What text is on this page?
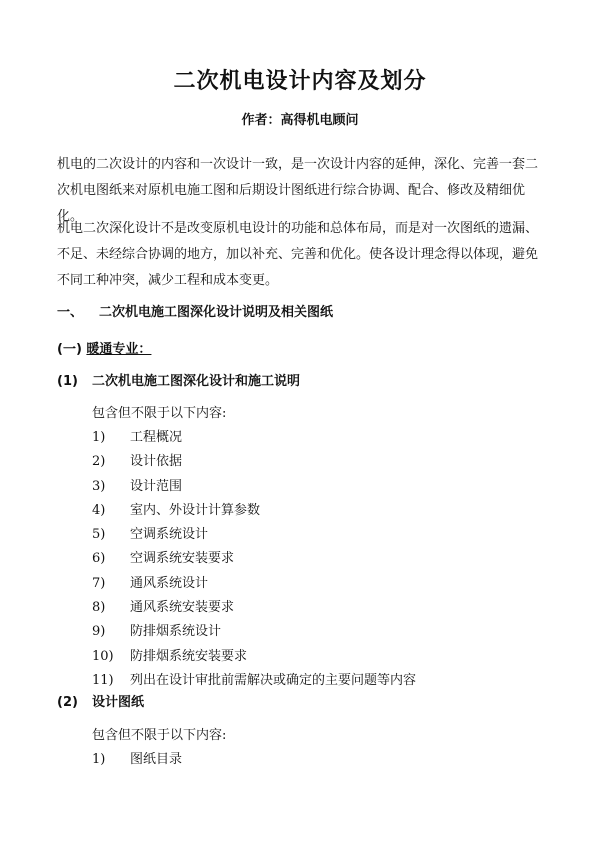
二次机电设计内容及划分
作者：高得机电顾问
机电的二次设计的内容和一次设计一致，是一次设计内容的延伸，深化、完善一套二次机电图纸来对原机电施工图和后期设计图纸进行综合协调、配合、修改及精细优化。
机电二次深化设计不是改变原机电设计的功能和总体布局，而是对一次图纸的遗漏、不足、未经综合协调的地方，加以补充、完善和优化。使各设计理念得以体现，避免不同工种冲突，减少工程和成本变更。
一、 二次机电施工图深化设计说明及相关图纸
(一) 暖通专业：
(1) 二次机电施工图深化设计和施工说明
包含但不限于以下内容:
1) 工程概况
2) 设计依据
3) 设计范围
4) 室内、外设计计算参数
5) 空调系统设计
6) 空调系统安装要求
7) 通风系统设计
8) 通风系统安装要求
9) 防排烟系统设计
10) 防排烟系统安装要求
11) 列出在设计审批前需解决或确定的主要问题等内容
(2) 设计图纸
包含但不限于以下内容:
1) 图纸目录
